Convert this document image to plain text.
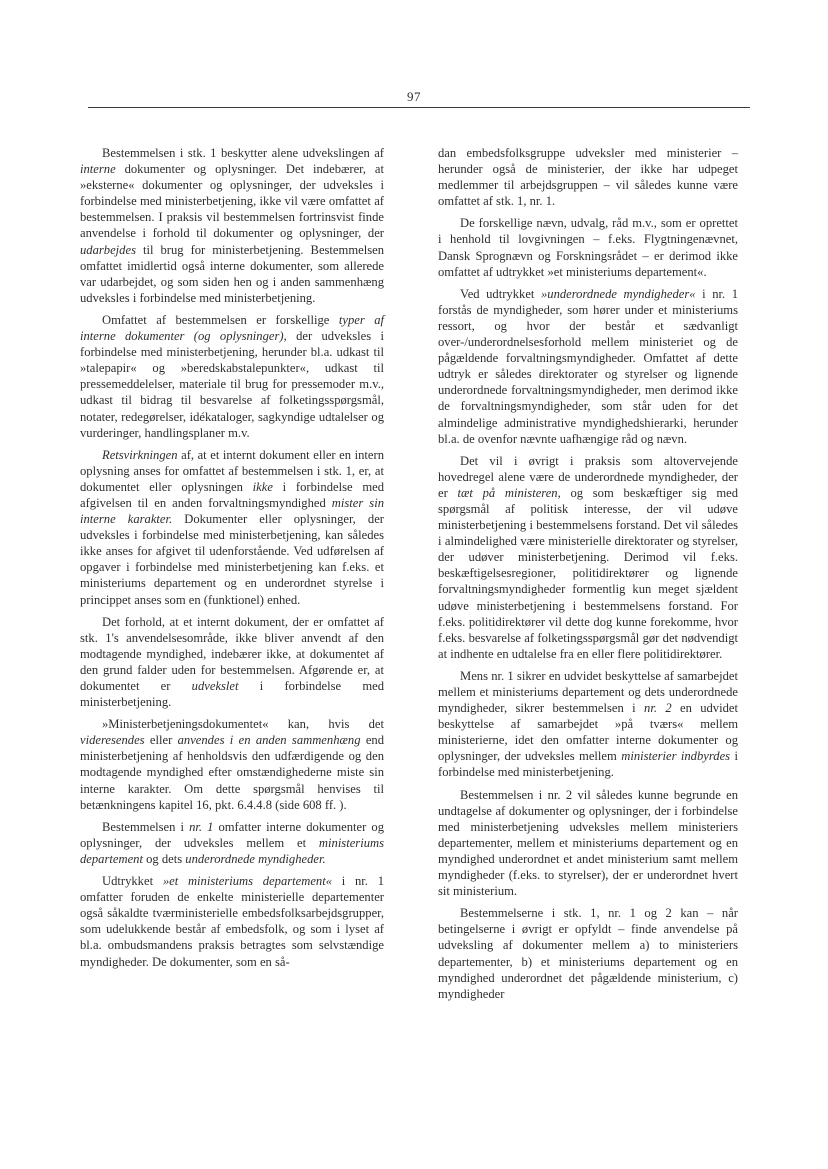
97

Bestemmelsen i stk. 1 beskytter alene udvekslingen af interne dokumenter og oplysninger. Det indebærer, at »eksterne« dokumenter og oplysninger, der udveksles i forbindelse med ministerbetjening, ikke vil være omfattet af bestemmelsen. I praksis vil bestemmelsen fortrinsvist finde anvendelse i forhold til dokumenter og oplysninger, der udarbejdes til brug for ministerbetjening. Bestemmelsen omfattet imidlertid også interne dokumenter, som allerede var udarbejdet, og som siden hen og i anden sammenhæng udveksles i forbindelse med ministerbetjening.

Omfattet af bestemmelsen er forskellige typer af interne dokumenter (og oplysninger), der udveksles i forbindelse med ministerbetjening, herunder bl.a. udkast til »talepapir« og »beredskabstalepunkter«, udkast til pressemeddelelser, materiale til brug for pressemoder m.v., udkast til bidrag til besvarelse af folketingsspørgsmål, notater, redegørelser, idékataloger, sagkyndige udtalelser og vurderinger, handlingsplaner m.v.

Retsvirkningen af, at et internt dokument eller en intern oplysning anses for omfattet af bestemmelsen i stk. 1, er, at dokumentet eller oplysningen ikke i forbindelse med afgivelsen til en anden forvaltningsmyndighed mister sin interne karakter. Dokumenter eller oplysninger, der udveksles i forbindelse med ministerbetjening, kan således ikke anses for afgivet til udenforstående. Ved udførelsen af opgaver i forbindelse med ministerbetjening kan f.eks. et ministeriums departement og en underordnet styrelse i princippet anses som en (funktionel) enhed.

Det forhold, at et internt dokument, der er omfattet af stk. 1's anvendelsesområde, ikke bliver anvendt af den modtagende myndighed, indebærer ikke, at dokumentet af den grund falder uden for bestemmelsen. Afgørende er, at dokumentet er udvekslet i forbindelse med ministerbetjening.

»Ministerbetjeningsdokumentet« kan, hvis det videresendes eller anvendes i en anden sammenhæng end ministerbetjening af henholdsvis den udfærdigende og den modtagende myndighed efter omstændighederne miste sin interne karakter. Om dette spørgsmål henvises til betænkningens kapitel 16, pkt. 6.4.4.8 (side 608 ff. ).

Bestemmelsen i nr. 1 omfatter interne dokumenter og oplysninger, der udveksles mellem et ministeriums departement og dets underordnede myndigheder.

Udtrykket »et ministeriums departement« i nr. 1 omfatter foruden de enkelte ministerielle departementer også såkaldte tværministerielle embedsfolksarbejdsgrupper, som udelukkende består af embedsfolk, og som i lyset af bl.a. ombudsmandens praksis betragtes som selvstændige myndigheder. De dokumenter, som en så-

dan embedsfolksgruppe udveksler med ministerier – herunder også de ministerier, der ikke har udpeget medlemmer til arbejdsgruppen – vil således kunne være omfattet af stk. 1, nr. 1.

De forskellige nævn, udvalg, råd m.v., som er oprettet i henhold til lovgivningen – f.eks. Flygtningenævnet, Dansk Sprognævn og Forskningsrådet – er derimod ikke omfattet af udtrykket »et ministeriums departement«.

Ved udtrykket »underordnede myndigheder« i nr. 1 forstås de myndigheder, som hører under et ministeriums ressort, og hvor der består et sædvanligt over-/underordnelsesforhold mellem ministeriet og de pågældende forvaltningsmyndigheder. Omfattet af dette udtryk er således direktorater og styrelser og lignende underordnede forvaltningsmyndigheder, men derimod ikke de forvaltningsmyndigheder, som står uden for det almindelige administrative myndighedshierarki, herunder bl.a. de ovenfor nævnte uafhængige råd og nævn.

Det vil i øvrigt i praksis som altovervejende hovedregel alene være de underordnede myndigheder, der er tæt på ministeren, og som beskæftiger sig med spørgsmål af politisk interesse, der vil udøve ministerbetjening i bestemmelsens forstand. Det vil således i almindelighed være ministerielle direktorater og styrelser, der udøver ministerbetjening. Derimod vil f.eks. beskæftigelsesregioner, politidirektører og lignende forvaltningsmyndigheder formentlig kun meget sjældent udøve ministerbetjening i bestemmelsens forstand. For f.eks. politidirektører vil dette dog kunne forekomme, hvor f.eks. besvarelse af folketingsspørgsmål gør det nødvendigt at indhente en udtalelse fra en eller flere politidirektører.

Mens nr. 1 sikrer en udvidet beskyttelse af samarbejdet mellem et ministeriums departement og dets underordnede myndigheder, sikrer bestemmelsen i nr. 2 en udvidet beskyttelse af samarbejdet »på tværs« mellem ministerierne, idet den omfatter interne dokumenter og oplysninger, der udveksles mellem ministerier indbyrdes i forbindelse med ministerbetjening.

Bestemmelsen i nr. 2 vil således kunne begrunde en undtagelse af dokumenter og oplysninger, der i forbindelse med ministerbetjening udveksles mellem ministeriers departementer, mellem et ministeriums departement og en myndighed underordnet et andet ministerium samt mellem myndigheder (f.eks. to styrelser), der er underordnet hvert sit ministerium.

Bestemmelserne i stk. 1, nr. 1 og 2 kan – når betingelserne i øvrigt er opfyldt – finde anvendelse på udveksling af dokumenter mellem a) to ministeriers departementer, b) et ministeriums departement og en myndighed underordnet det pågældende ministerium, c) myndigheder
